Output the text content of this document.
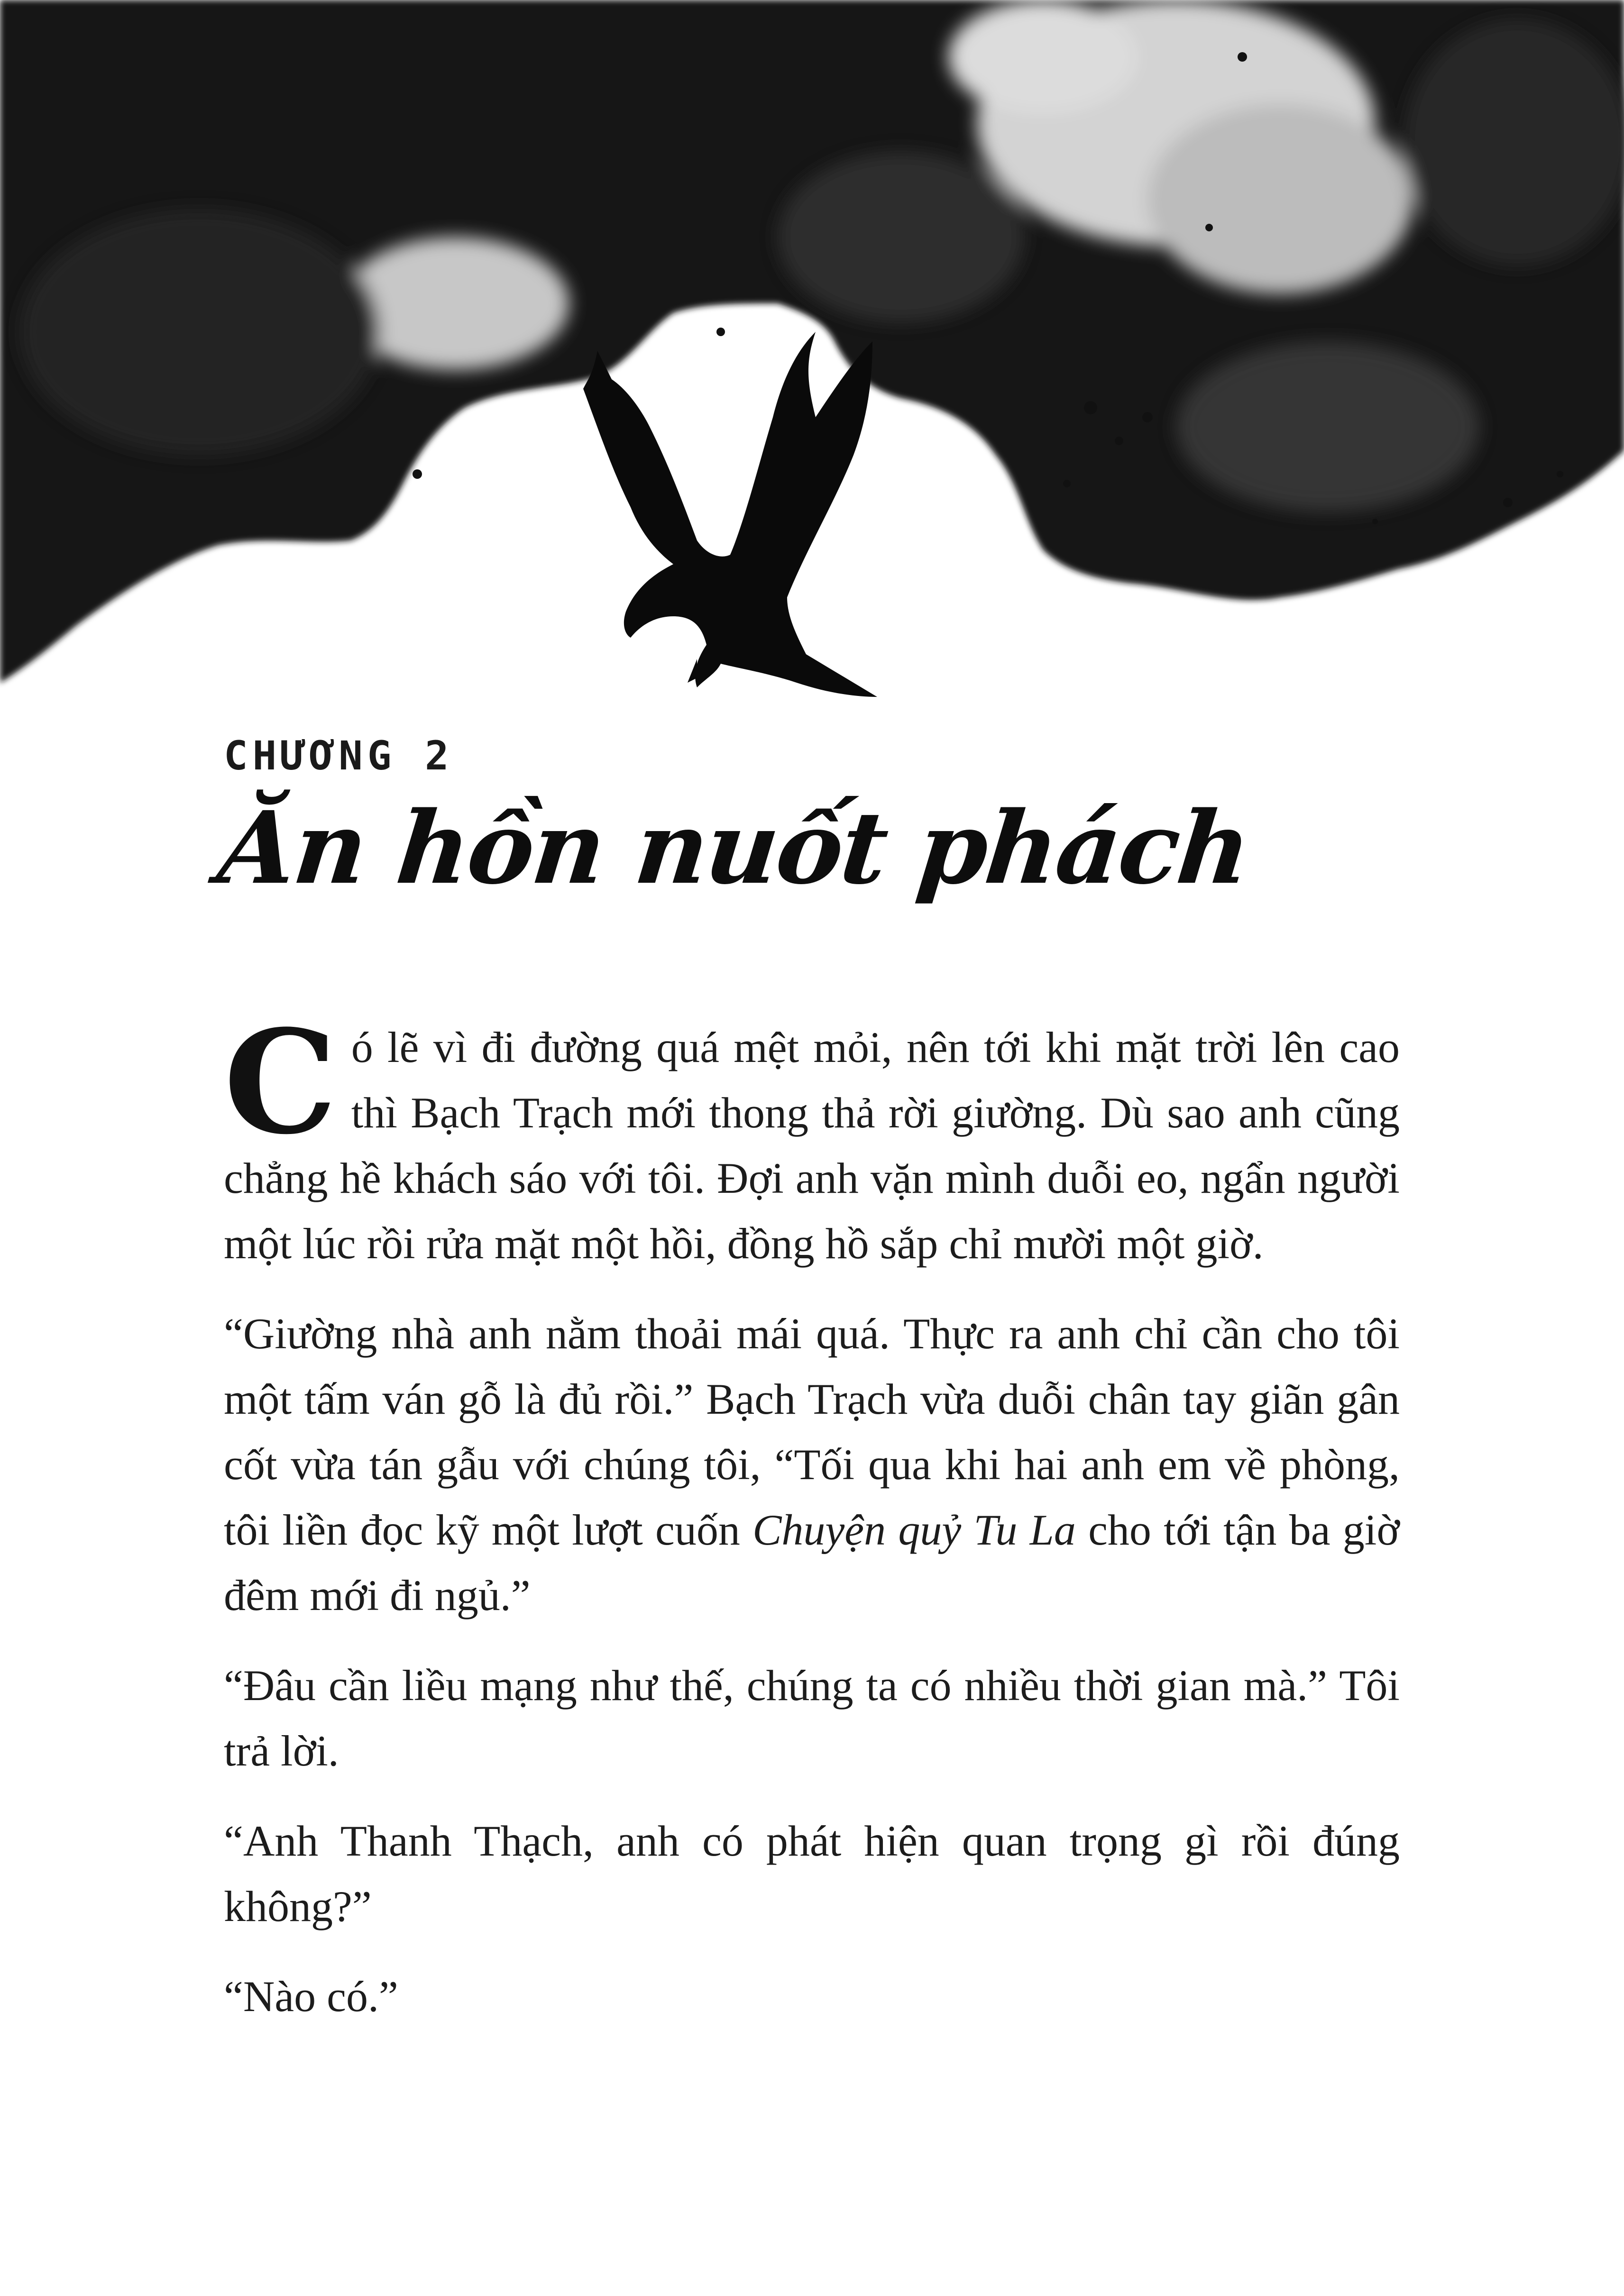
CHƯƠNG 2
Ăn hồn nuốt phách

Có lẽ vì đi đường quá mệt mỏi, nên tới khi mặt trời lên cao thì Bạch Trạch mới thong thả rời giường. Dù sao anh cũng chẳng hề khách sáo với tôi. Đợi anh vặn mình duỗi eo, ngẩn người một lúc rồi rửa mặt một hồi, đồng hồ sắp chỉ mười một giờ.

“Giường nhà anh nằm thoải mái quá. Thực ra anh chỉ cần cho tôi một tấm ván gỗ là đủ rồi.” Bạch Trạch vừa duỗi chân tay giãn gân cốt vừa tán gẫu với chúng tôi, “Tối qua khi hai anh em về phòng, tôi liền đọc kỹ một lượt cuốn Chuyện quỷ Tu La cho tới tận ba giờ đêm mới đi ngủ.”

“Đâu cần liều mạng như thế, chúng ta có nhiều thời gian mà.” Tôi trả lời.

“Anh Thanh Thạch, anh có phát hiện quan trọng gì rồi đúng không?”

“Nào có.”
